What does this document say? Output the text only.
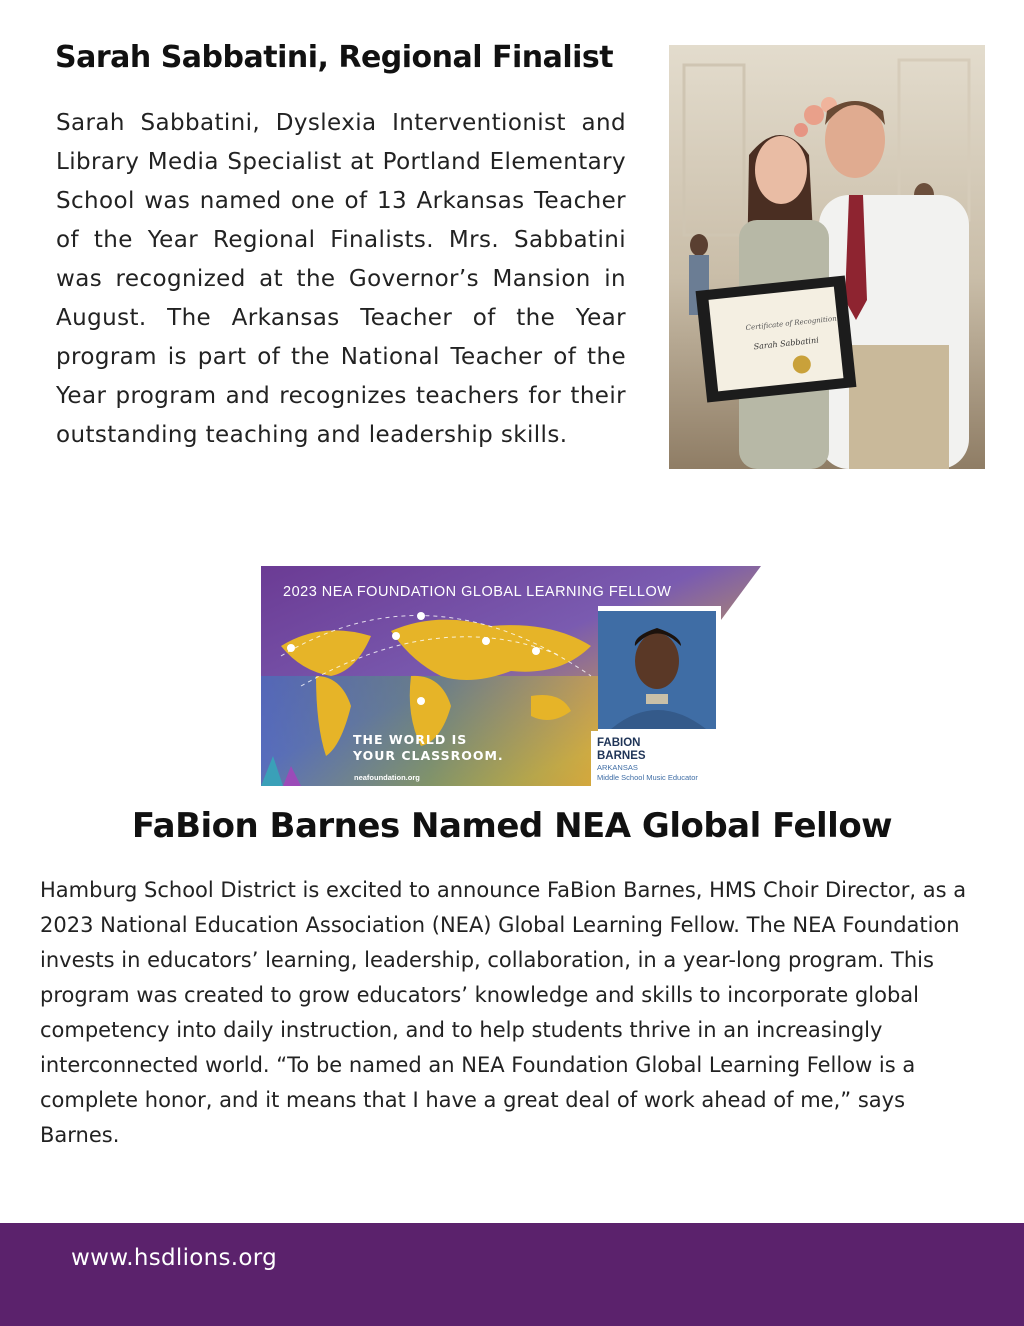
Sarah Sabbatini, Regional Finalist

Sarah Sabbatini, Dyslexia Interventionist and Library Media Specialist at Portland Elementary School was named one of 13 Arkansas Teacher of the Year Regional Finalists. Mrs. Sabbatini was recognized at the Governor’s Mansion in August. The Arkansas Teacher of the Year program is part of the National Teacher of the Year program and recognizes teachers for their outstanding teaching and leadership skills.

Certificate of Recognition
Sarah Sabbatini
2023 NEA FOUNDATION GLOBAL LEARNING FELLOW
THE WORLD IS
YOUR CLASSROOM.
neafoundation.org
FABION
BARNES
ARKANSAS
Middle School Music Educator
FaBion Barnes Named NEA Global Fellow

Hamburg School District is excited to announce FaBion Barnes, HMS Choir Director, as a 2023 National Education Association (NEA) Global Learning Fellow. The NEA Foundation invests in educators’ learning, leadership, collaboration, in a year-long program. This program was created to grow educators’ knowledge and skills to incorporate global competency into daily instruction, and to help students thrive in an increasingly interconnected world. “To be named an NEA Foundation Global Learning Fellow is a complete honor, and it means that I have a great deal of work ahead of me,” says Barnes.

www.hsdlions.org
